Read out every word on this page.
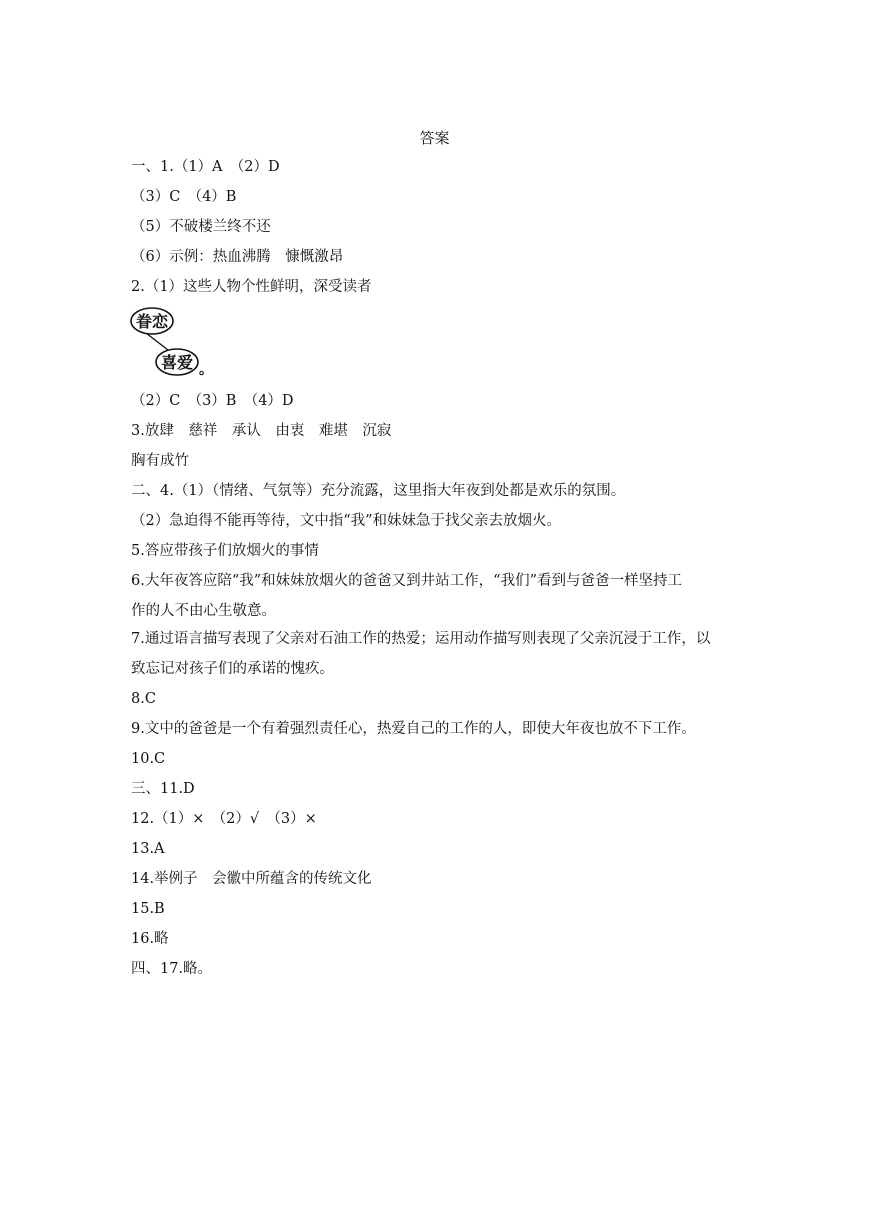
答案
一、1.（1）A　（2）D
（3）C　（4）B
（5）不破楼兰终不还
（6）示例：热血沸腾　慷慨激昂
2.（1）这些人物个性鲜明，深受读者
眷恋
喜爱 。
（2）C　（3）B　（4）D
3.放肆　慈祥　承认　由衷　难堪　沉寂
胸有成竹
二、4.（1）（情绪、气氛等）充分流露，这里指大年夜到处都是欢乐的氛围。
（2）急迫得不能再等待，文中指“我”和妹妹急于找父亲去放烟火。
5.答应带孩子们放烟火的事情
6.大年夜答应陪“我”和妹妹放烟火的爸爸又到井站工作，“我们”看到与爸爸一样坚持工
作的人不由心生敬意。
7.通过语言描写表现了父亲对石油工作的热爱；运用动作描写则表现了父亲沉浸于工作，以
致忘记对孩子们的承诺的愧疚。
8.C
9.文中的爸爸是一个有着强烈责任心，热爱自己的工作的人，即使大年夜也放不下工作。
10.C
三、11.D
12.（1）×　（2）√　（3）×
13.A
14.举例子　会徽中所蕴含的传统文化
15.B
16.略
四、17.略。
